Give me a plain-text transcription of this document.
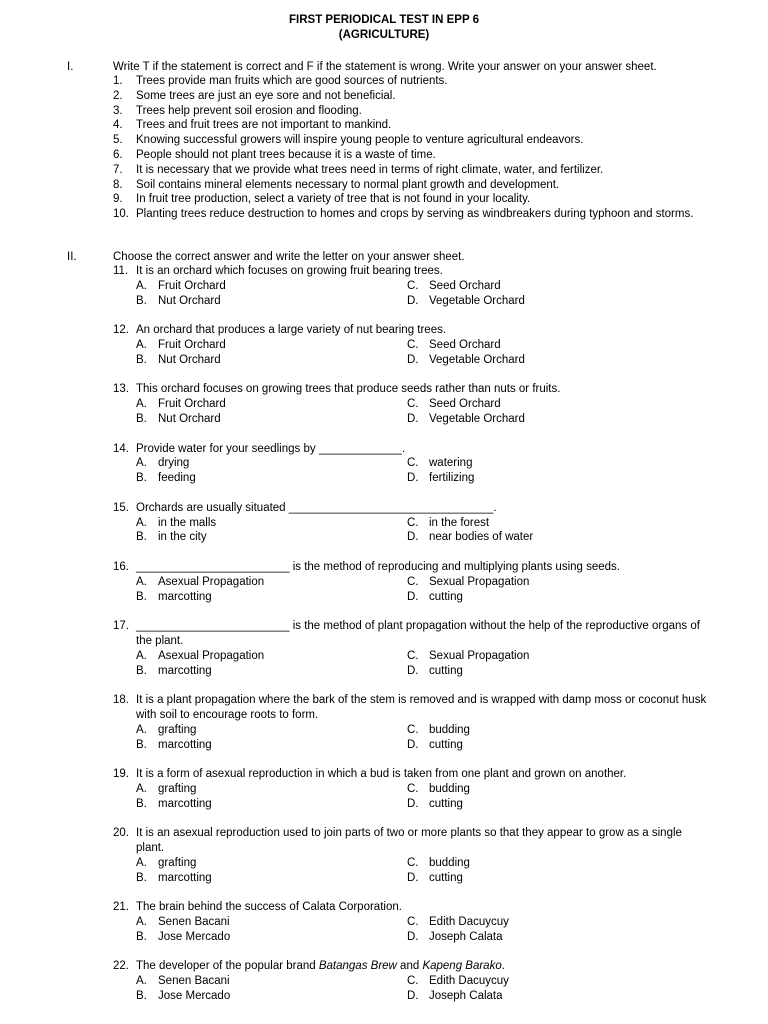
FIRST PERIODICAL TEST IN EPP 6
(AGRICULTURE)
I.	Write T if the statement is correct and F if the statement is wrong. Write your answer on your answer sheet.
1.	Trees provide man fruits which are good sources of nutrients.
2.	Some trees are just an eye sore and not beneficial.
3.	Trees help prevent soil erosion and flooding.
4.	Trees and fruit trees are not important to mankind.
5.	Knowing successful growers will inspire young people to venture agricultural endeavors.
6.	People should not plant trees because it is a waste of time.
7.	It is necessary that we provide what trees need in terms of right climate, water, and fertilizer.
8.	Soil contains mineral elements necessary to normal plant growth and development.
9.	In fruit tree production, select a variety of tree that is not found in your locality.
10. Planting trees reduce destruction to homes and crops by serving as windbreakers during typhoon and storms.
II.	Choose the correct answer and write the letter on your answer sheet.
11. It is an orchard which focuses on growing fruit bearing trees.
A. Fruit Orchard	C. Seed Orchard
B. Nut Orchard	D. Vegetable Orchard
12. An orchard that produces a large variety of nut bearing trees.
A. Fruit Orchard	C. Seed Orchard
B. Nut Orchard	D. Vegetable Orchard
13. This orchard focuses on growing trees that produce seeds rather than nuts or fruits.
A. Fruit Orchard	C. Seed Orchard
B. Nut Orchard	D. Vegetable Orchard
14. Provide water for your seedlings by _____________.
A. drying	C. watering
B. feeding	D. fertilizing
15. Orchards are usually situated ________________________________.
A. in the malls	C. in the forest
B. in the city	D. near bodies of water
16. ________________________ is the method of reproducing and multiplying plants using seeds.
A. Asexual Propagation	C. Sexual Propagation
B. marcotting	D. cutting
17. ________________________ is the method of plant propagation without the help of the reproductive organs of the plant.
A. Asexual Propagation	C. Sexual Propagation
B. marcotting	D. cutting
18. It is a plant propagation where the bark of the stem is removed and is wrapped with damp moss or coconut husk with soil to encourage roots to form.
A. grafting	C. budding
B. marcotting	D. cutting
19. It is a form of asexual reproduction in which a bud is taken from one plant and grown on another.
A. grafting	C. budding
B. marcotting	D. cutting
20. It is an asexual reproduction used to join parts of two or more plants so that they appear to grow as a single plant.
A. grafting	C. budding
B. marcotting	D. cutting
21. The brain behind the success of Calata Corporation.
A. Senen Bacani	C. Edith Dacuycuy
B. Jose Mercado	D. Joseph Calata
22. The developer of the popular brand Batangas Brew and Kapeng Barako.
A. Senen Bacani	C. Edith Dacuycuy
B. Jose Mercado	D. Joseph Calata
